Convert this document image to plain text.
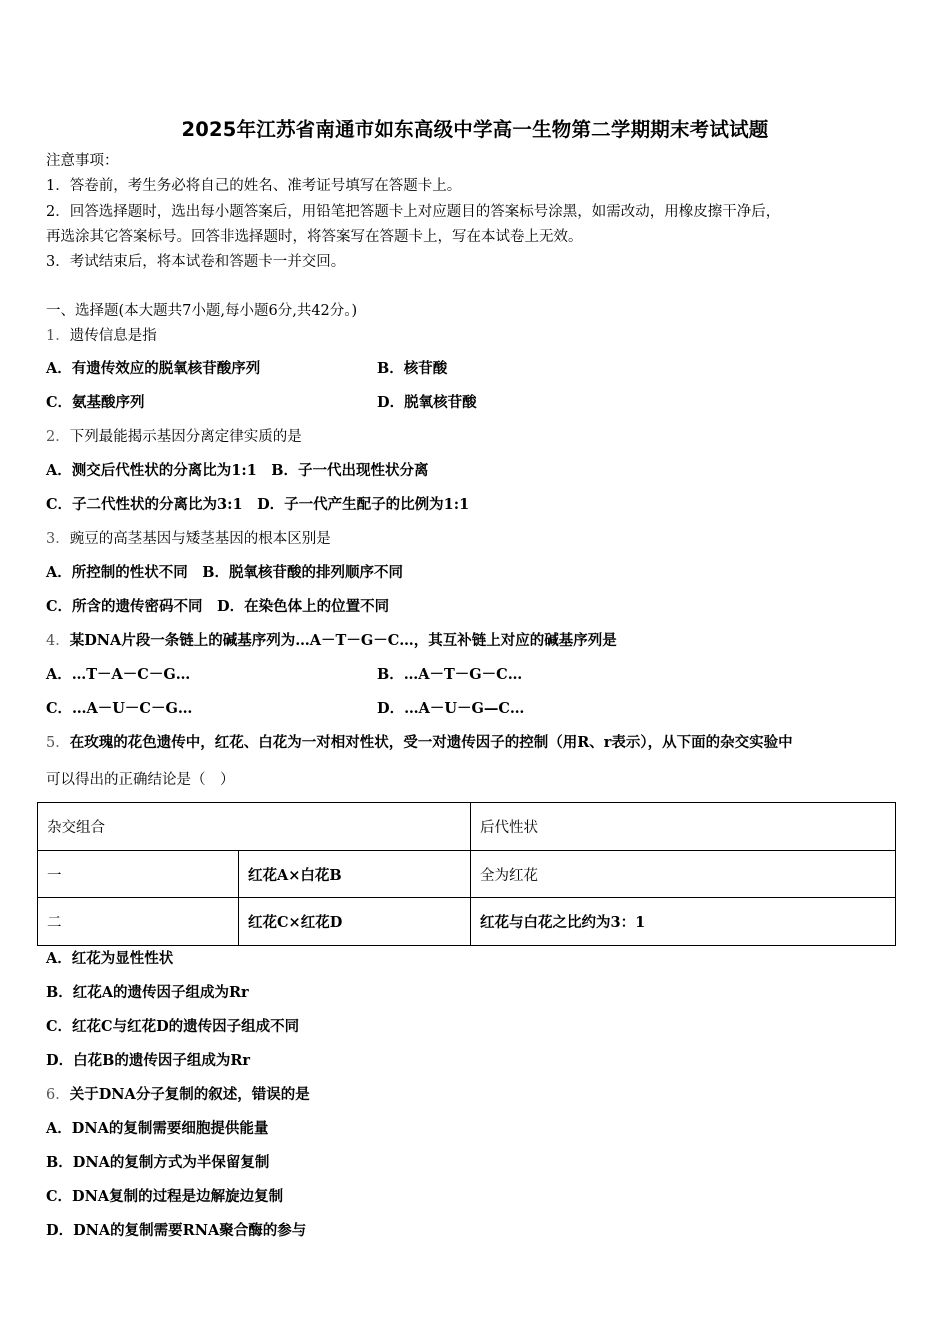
2025年江苏省南通市如东高级中学高一生物第二学期期末考试试题
注意事项：
1．答卷前，考生务必将自己的姓名、准考证号填写在答题卡上。
2．回答选择题时，选出每小题答案后，用铅笔把答题卡上对应题目的答案标号涂黑，如需改动，用橡皮擦干净后，
再选涂其它答案标号。回答非选择题时，将答案写在答题卡上，写在本试卷上无效。
3．考试结束后，将本试卷和答题卡一并交回。
一、选择题(本大题共7小题,每小题6分,共42分。)
1．遗传信息是指
A．有遗传效应的脱氧核苷酸序列	B．核苷酸
C．氨基酸序列	D．脱氧核苷酸
2．下列最能揭示基因分离定律实质的是
A．测交后代性状的分离比为1:1　B．子一代出现性状分离
C．子二代性状的分离比为3:1　D．子一代产生配子的比例为1:1
3．豌豆的高茎基因与矮茎基因的根本区别是
A．所控制的性状不同　B．脱氧核苷酸的排列顺序不同
C．所含的遗传密码不同　D．在染色体上的位置不同
4．某DNA片段一条链上的碱基序列为…A－T－G－C…，其互补链上对应的碱基序列是
A．…T－A－C－G…	B．…A－T－G－C…
C．…A－U－C－G…	D．…A－U－G—C…
5．在玫瑰的花色遗传中，红花、白花为一对相对性状，受一对遗传因子的控制（用R、r表示），从下面的杂交实验中
可以得出的正确结论是（　）
杂交组合		后代性状
一	红花A×白花B	全为红花
二	红花C×红花D	红花与白花之比约为3：1
A．红花为显性性状
B．红花A的遗传因子组成为Rr
C．红花C与红花D的遗传因子组成不同
D．白花B的遗传因子组成为Rr
6．关于DNA分子复制的叙述，错误的是
A．DNA的复制需要细胞提供能量
B．DNA的复制方式为半保留复制
C．DNA复制的过程是边解旋边复制
D．DNA的复制需要RNA聚合酶的参与
